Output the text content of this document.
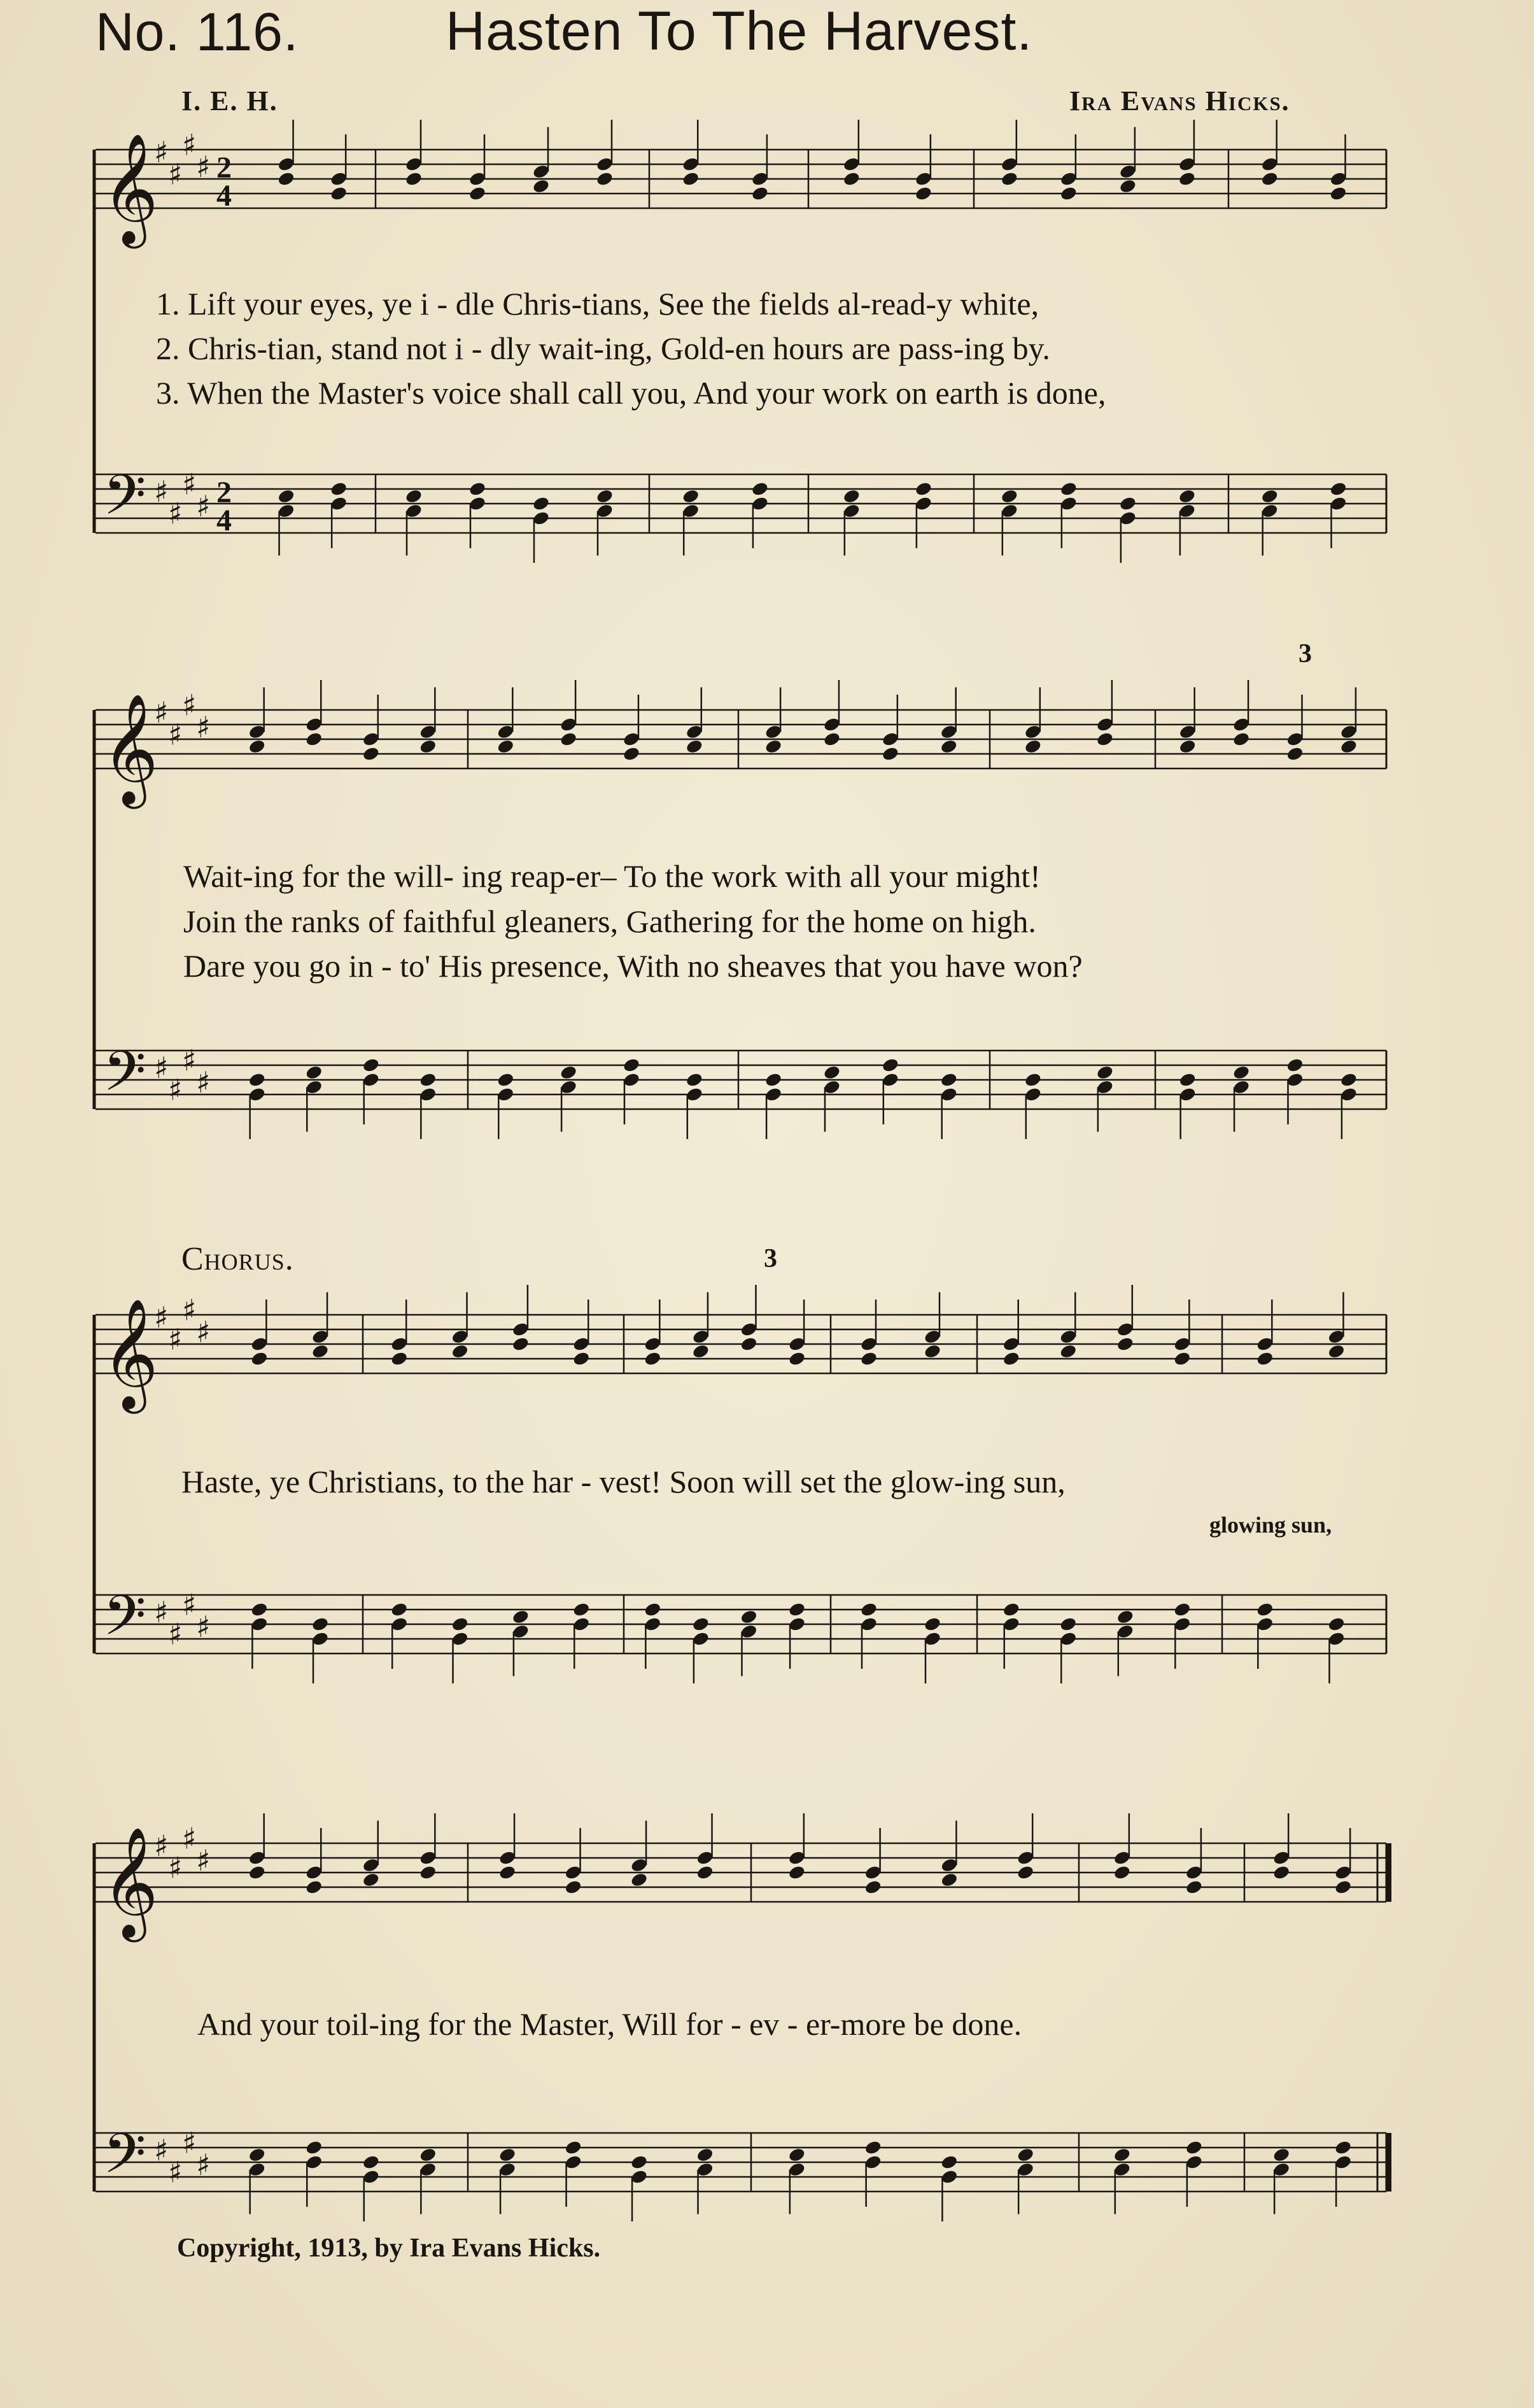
No. 116.	Hasten To The Harvest.
I. E. H.	Ira Evans Hicks.
𝄞
♯
♯
♯
♯ 2
4
𝄢 ♯
♯
♯
♯ 2
4
𝄞
♯
♯
♯
♯
𝄢 ♯
♯
♯
♯
3
𝄞
♯
♯
♯
♯
𝄢 ♯
♯
♯
♯
3
𝄞
♯
♯
♯
♯
𝄢 ♯
♯
♯
♯
1. Lift your eyes, ye i - dle Chris-tians, See the fields al-read-y white,
2. Chris-tian, stand not i - dly wait-ing, Gold-en hours are pass-ing by.
3. When the Master's voice shall call you, And your work on earth is done,
Wait-ing for the will- ing reap-er– To the work with all your might!
Join the ranks of faithful gleaners, Gathering for the home on high.
Dare you go in - to' His presence, With no sheaves that you have won?
Chorus.
Haste, ye Christians, to the har - vest! Soon will set the glow-ing sun,
glowing sun,
And your toil-ing for the Master, Will for - ev - er-more be done.
Copyright, 1913, by Ira Evans Hicks.
